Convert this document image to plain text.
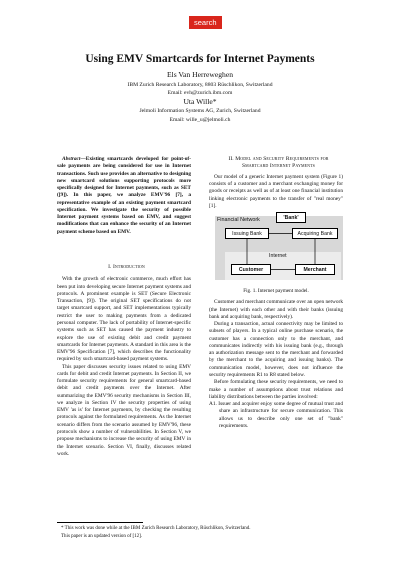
search
Using EMV Smartcards for Internet Payments
Els Van Herreweghen
IBM Zurich Research Laboratory, 8803 Rüschlikon, Switzerland
Email: evh@zurich.ibm.com
Uta Wille*
Jelmoli Information Systems AG, Zurich, Switzerland
Email: wille_u@jelmoli.ch

Abstract—Existing smartcards developed for point-of-sale payments are being considered for use in Internet transactions. Such use provides an alternative to designing new smartcard solutions supporting protocols more specifically designed for Internet payments, such as SET ([9]). In this paper, we analyze EMV'96 [7], a representative example of an existing payment smartcard specification. We investigate the security of possible Internet payment systems based on EMV, and suggest modifications that can enhance the security of an Internet payment scheme based on EMV.

I. Introduction

With the growth of electronic commerce, much effort has been put into developing secure Internet payment systems and protocols. A prominent example is SET (Secure Electronic Transaction, [9]). The original SET specifications do not target smartcard support, and SET implementations typically restrict the user to making payments from a dedicated personal computer. The lack of portability of Internet-specific systems such as SET has caused the payment industry to explore the use of existing debit and credit payment smartcards for Internet payments. A standard in this area is the EMV'96 Specification [7], which describes the functionality required by such smartcard-based payment systems.

This paper discusses security issues related to using EMV cards for debit and credit Internet payments. In Section II, we formulate security requirements for general smartcard-based debit and credit payments over the Internet. After summarizing the EMV'96 security mechanisms in Section III, we analyze in Section IV the security properties of using EMV 'as is' for Internet payments, by checking the resulting protocols against the formulated requirements. As the Internet scenario differs from the scenario assumed by EMV'96, these protocols show a number of vulnerabilities. In Section V, we propose mechanisms to increase the security of using EMV in the Internet scenario. Section VI, finally, discusses related work.

II. Model and Security Requirements for

Smartcard Internet Payments

Our model of a generic Internet payment system (Figure 1) consists of a customer and a merchant exchanging money for goods or receipts as well as of at least one financial institution linking electronic payments to the transfer of "real money" [1].

Financial Network	'Bank'
Issuing Bank	Acquiring Bank
Internet
Customer	Merchant
Fig. 1. Internet payment model.

Customer and merchant communicate over an open network (the Internet) with each other and with their banks (issuing bank and acquiring bank, respectively).

During a transaction, actual connectivity may be limited to subsets of players. In a typical online purchase scenario, the customer has a connection only to the merchant, and communicates indirectly with his issuing bank (e.g., through an authorization message sent to the merchant and forwarded by the merchant to the acquiring and issuing banks). The communication model, however, does not influence the security requirements R1 to R8 stated below.

Before formulating these security requirements, we need to make a number of assumptions about trust relations and liability distributions between the parties involved:

A1. Issuer and acquirer enjoy some degree of mutual trust and share an infrastructure for secure communication. This allows us to describe only one set of "bank" requirements.

* This work was done while at the IBM Zurich Research Laboratory, Rüschlikon, Switzerland.
This paper is an updated version of [12].
